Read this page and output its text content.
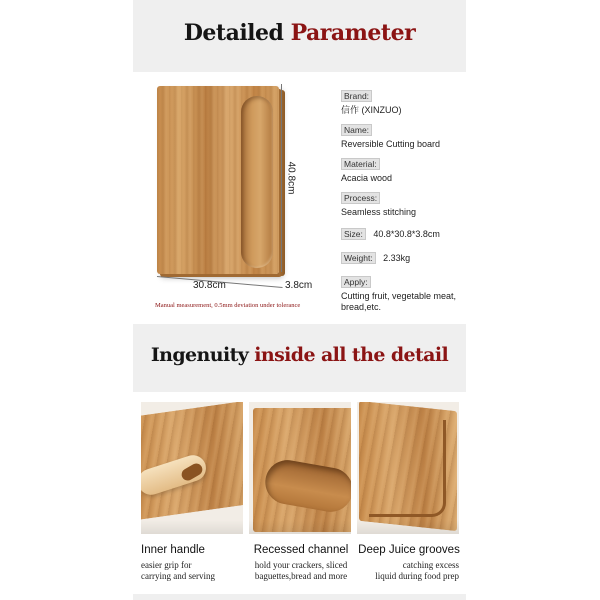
Detailed Parameter
40.8cm
30.8cm	3.8cm
Manual measurement, 0.5mm deviation under tolerance
Brand:
信作 (XINZUO)
Name:
Reversible Cutting board
Material:
Acacia wood
Process:
Seamless stitching
Size: 40.8*30.8*3.8cm
Weight: 2.33kg
Apply:
Cutting fruit, vegetable meat, bread,etc.
Ingenuity inside all the detail
Inner handle
easier grip for
carrying and serving
Recessed channel
hold your crackers, sliced
baguettes,bread and more
Deep Juice grooves
catching excess
liquid during food prep
